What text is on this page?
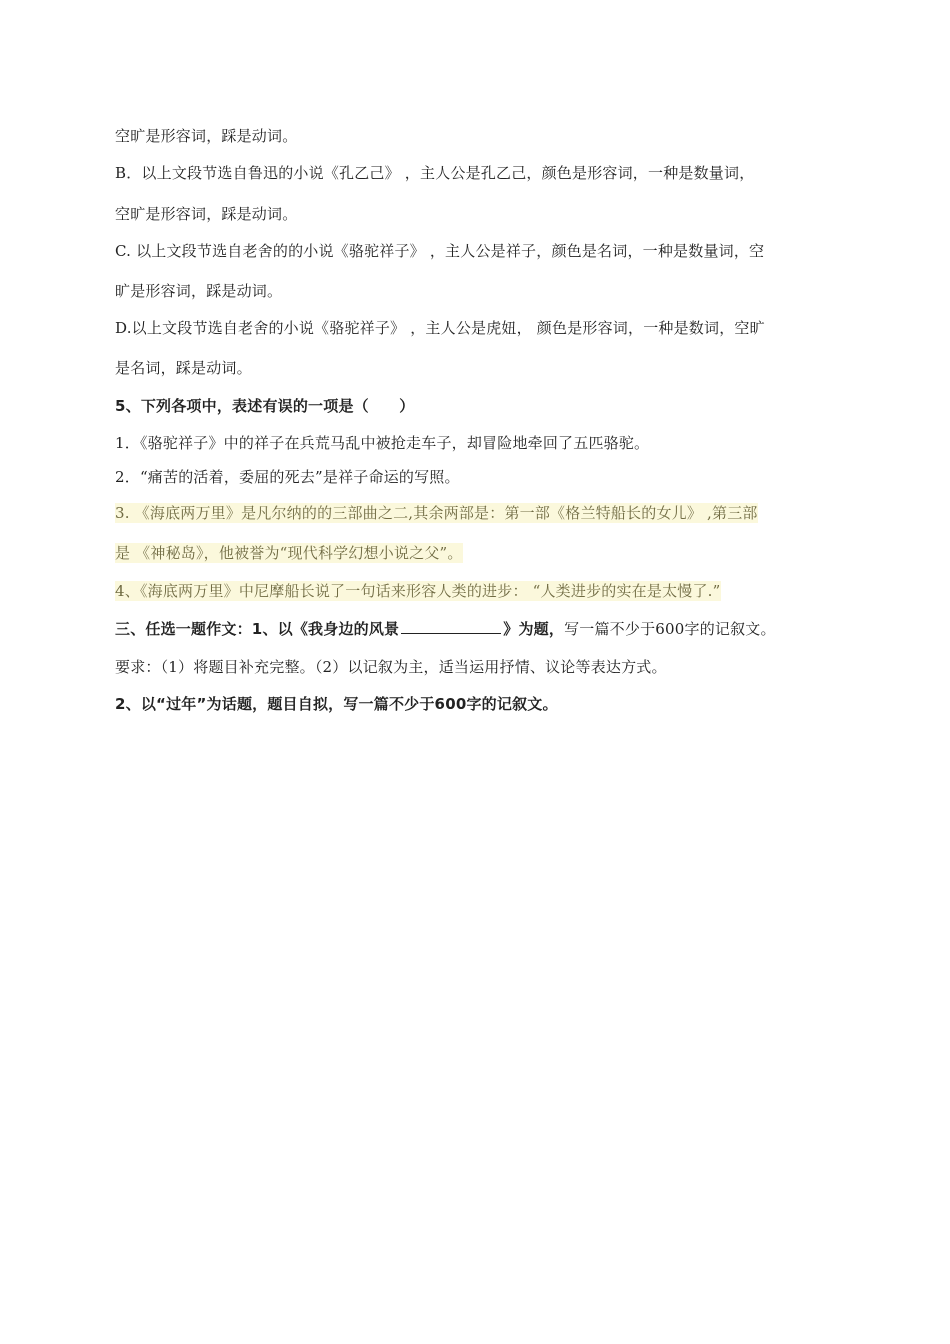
空旷是形容词，踩是动词。
B．以上文段节选自鲁迅的小说《孔乙己》 ，主人公是孔乙己，颜色是形容词，一种是数量词，
空旷是形容词，踩是动词。
C. 以上文段节选自老舍的的小说《骆驼祥子》 ，主人公是祥子，颜色是名词，一种是数量词，空
旷是形容词，踩是动词。
D.以上文段节选自老舍的小说《骆驼祥子》 ，主人公是虎妞， 颜色是形容词，一种是数词，空旷
是名词，踩是动词。
5、下列各项中，表述有误的一项是（　　）
1．《骆驼祥子》中的祥子在兵荒马乱中被抢走车子，却冒险地牵回了五匹骆驼。
2．“痛苦的活着，委屈的死去”是祥子命运的写照。
3. 《海底两万里》是凡尔纳的的三部曲之二,其余两部是：第一部《格兰特船长的女儿》 ,第三部
是 《神秘岛》，他被誉为“现代科学幻想小说之父”。
4、《海底两万里》中尼摩船长说了一句话来形容人类的进步： “人类进步的实在是太慢了.”
三、任选一题作文：1、以《我身边的风景	》为题，写一篇不少于600字的记叙文。
要求：（1）将题目补充完整。（2）以记叙为主，适当运用抒情、议论等表达方式。
2、以“过年”为话题，题目自拟，写一篇不少于600字的记叙文。
